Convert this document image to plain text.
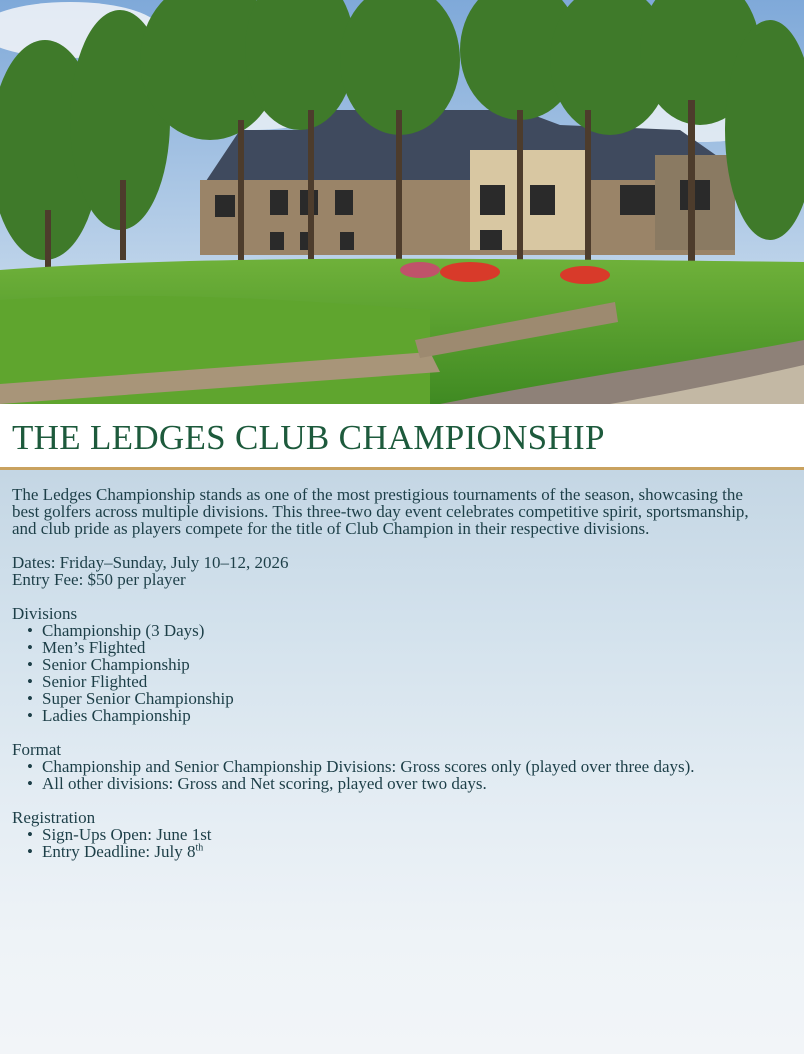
THE LEDGES CLUB CHAMPIONSHIP

The Ledges Championship stands as one of the most prestigious tournaments of the season, showcasing the best golfers across multiple divisions. This three-two day event celebrates competitive spirit, sportsmanship, and club pride as players compete for the title of Club Champion in their respective divisions.

Dates: Friday–Sunday, July 10–12, 2026

Entry Fee: $50 per player

Divisions

• Championship (3 Days)
• Men’s Flighted
• Senior Championship
• Senior Flighted
• Super Senior Championship
• Ladies Championship

Format

• Championship and Senior Championship Divisions: Gross scores only (played over three days).
• All other divisions: Gross and Net scoring, played over two days.

Registration

• Sign-Ups Open: June 1st
• Entry Deadline: July 8th
